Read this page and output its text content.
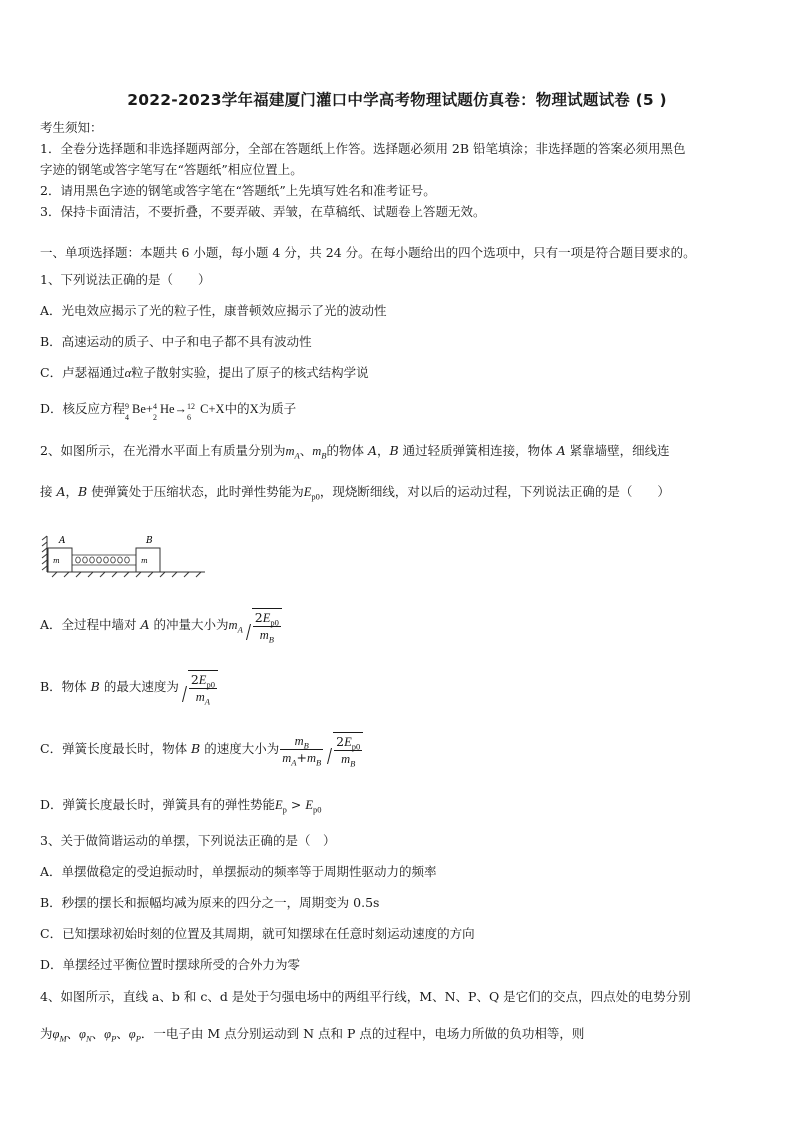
2022-2023学年福建厦门灌口中学高考物理试题仿真卷：物理试题试卷 (5 )
考生须知：
1．全卷分选择题和非选择题两部分，全部在答题纸上作答。选择题必须用 2B 铅笔填涂；非选择题的答案必须用黑色
字迹的钢笔或答字笔写在“答题纸”相应位置上。
2．请用黑色字迹的钢笔或答字笔在“答题纸”上先填写姓名和准考证号。
3．保持卡面清洁，不要折叠，不要弄破、弄皱，在草稿纸、试题卷上答题无效。
一、单项选择题：本题共 6 小题，每小题 4 分，共 24 分。在每小题给出的四个选项中，只有一项是符合题目要求的。
1、下列说法正确的是（　　）
A．光电效应揭示了光的粒子性，康普顿效应揭示了光的波动性
B．高速运动的质子、中子和电子都不具有波动性
C．卢瑟福通过α粒子散射实验，提出了原子的核式结构学说
D．核反应方程 9
4
Be+ 4
2
He→ 12
6
C+X中的X为质子
2、如图所示，在光滑水平面上有质量分别为$m_A$、$m_B$的物体 A，B 通过轻质弹簧相连接，物体 A 紧靠墙壁，细线连
接 A，B 使弹簧处于压缩状态，此时弹性势能为$E_{p0}$，现烧断细线，对以后的运动过程，下列说法正确的是（　　）
A	B
m	m
A．全过程中墙对 A 的冲量大小为$m_A \frac{2E_{p0}}{m_B}$
B．物体 B 的最大速度为 $\frac{2E_{p0}}{m_A}$
C．弹簧长度最长时，物体 B 的速度大小为 $\frac{m_B}{m_A+m_B} \frac{2E_{p0}}{m_B}$
D．弹簧长度最长时，弹簧具有的弹性势能$E_p > E_{p0}$
3、关于做简谐运动的单摆，下列说法正确的是（　）
A．单摆做稳定的受迫振动时，单摆振动的频率等于周期性驱动力的频率
B．秒摆的摆长和振幅均减为原来的四分之一，周期变为 0.5s
C．已知摆球初始时刻的位置及其周期，就可知摆球在任意时刻运动速度的方向
D．单摆经过平衡位置时摆球所受的合外力为零
4、如图所示，直线 a、b 和 c、d 是处于匀强电场中的两组平行线，M、N、P、Q 是它们的交点，四点处的电势分别
为$\varphi_M$、$\varphi_N$、$\varphi_P$、$\varphi_P$．一电子由 M 点分别运动到 N 点和 P 点的过程中，电场力所做的负功相等，则
